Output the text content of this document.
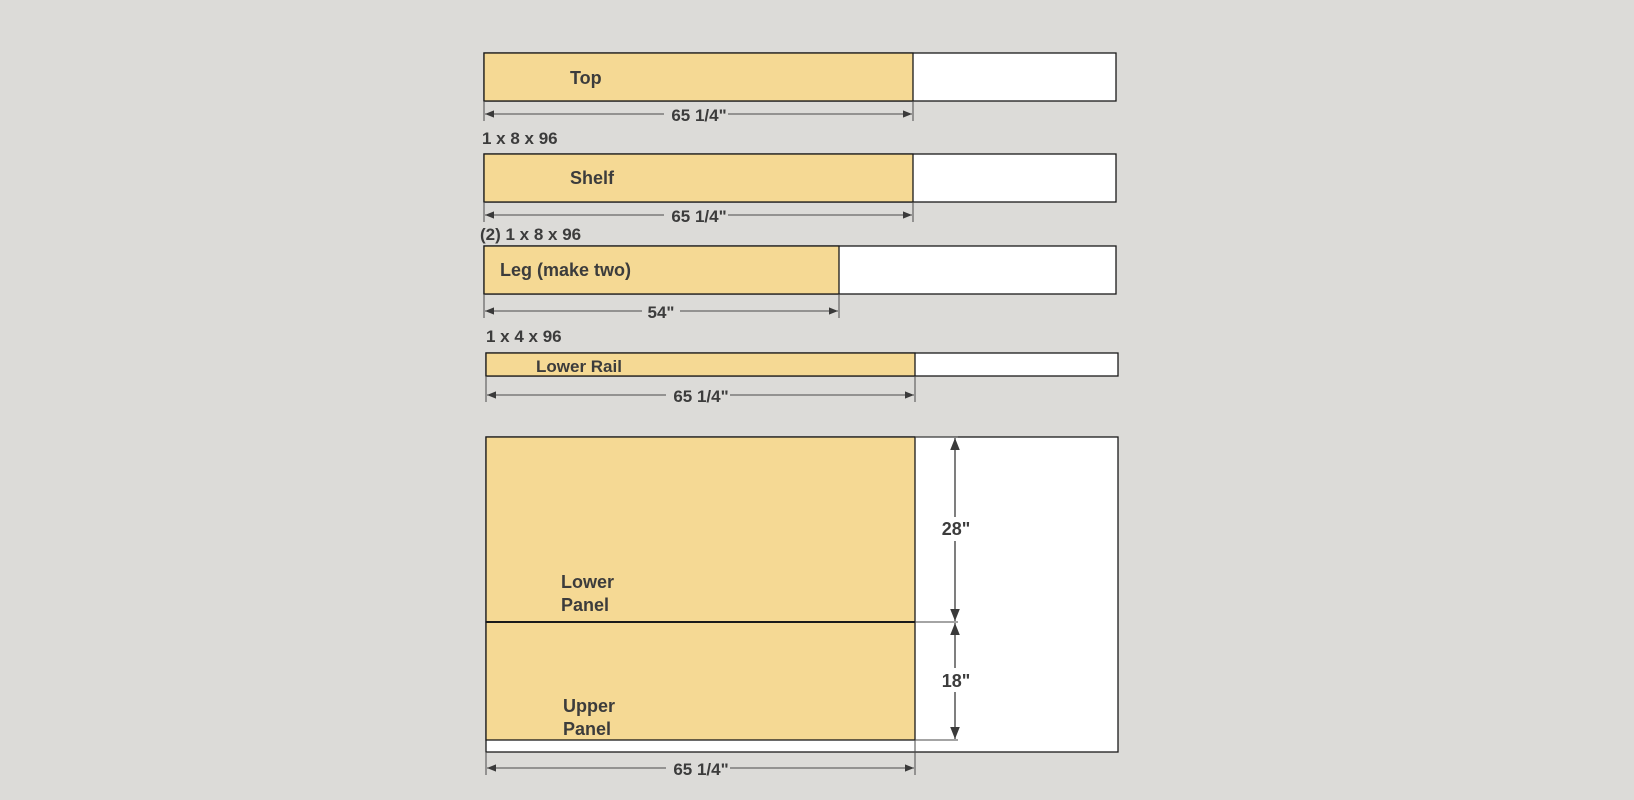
Top
65 1/4"
1 x 8 x 96
Shelf
65 1/4"
(2) 1 x 8 x 96
Leg (make two)
54"
1 x 4 x 96
Lower Rail
65 1/4"
Lower Panel
Upper Panel
28"
18"
65 1/4"
